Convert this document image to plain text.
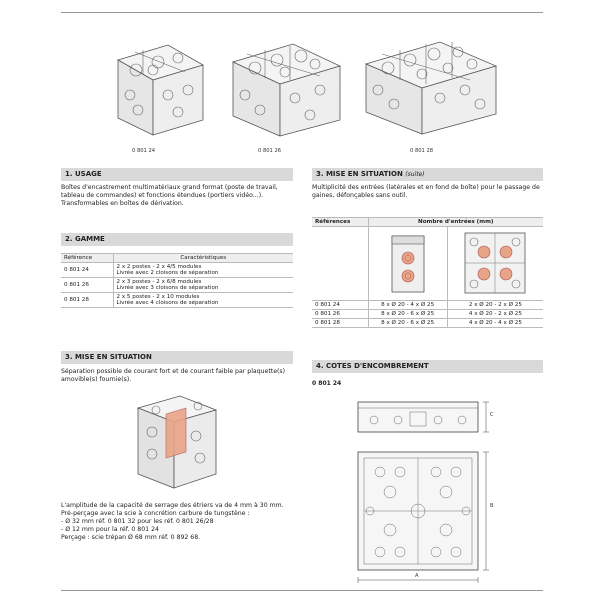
0 801 24	0 801 26	0 801 28
1. USAGE
Boîtes d'encastrement multimatériaux grand format (poste de travail, tableau de commandes) et fonctions étendues (portiers vidéo...). Transformables en boîtes de dérivation.
2. GAMME
Référence	Caractéristiques
0 801 24	2 x 2 postes - 2 x 4/5 modules
Livrée avec 2 cloisons de séparation

0 801 26	2 x 3 postes - 2 x 6/8 modules
Livrée avec 3 cloisons de séparation

0 801 28	2 x 5 postes - 2 x 10 modules
Livrée avec 4 cloisons de séparation
3. MISE EN SITUATION
Séparation possible de courant fort et de courant faible par plaquette(s) amovible(s) fournie(s).
L'amplitude de la capacité de serrage des étriers va de 4 mm à 30 mm.
Pré-perçage avec la scie à concrétion carbure de tungstène :
- Ø 32 mm réf. 0 801 32 pour les réf. 0 801 26/28
- Ø 12 mm pour la réf. 0 801 24
Perçage : scie trépan Ø 68 mm réf. 0 892 68.
3. MISE EN SITUATION (suite)
Multiplicité des entrées (latérales et en fond de boîte) pour le passage de gaines, défonçables sans outil.
Références	Nombre d'entrées (mm)	

0 801 24	8 x Ø 20 - 4 x Ø 25	2 x Ø 20 - 2 x Ø 25
0 801 26	8 x Ø 20 - 6 x Ø 25	4 x Ø 20 - 2 x Ø 25
0 801 28	8 x Ø 20 - 6 x Ø 25	4 x Ø 20 - 4 x Ø 25
4. COTES D'ENCOMBREMENT
0 801 24
A
B
C
